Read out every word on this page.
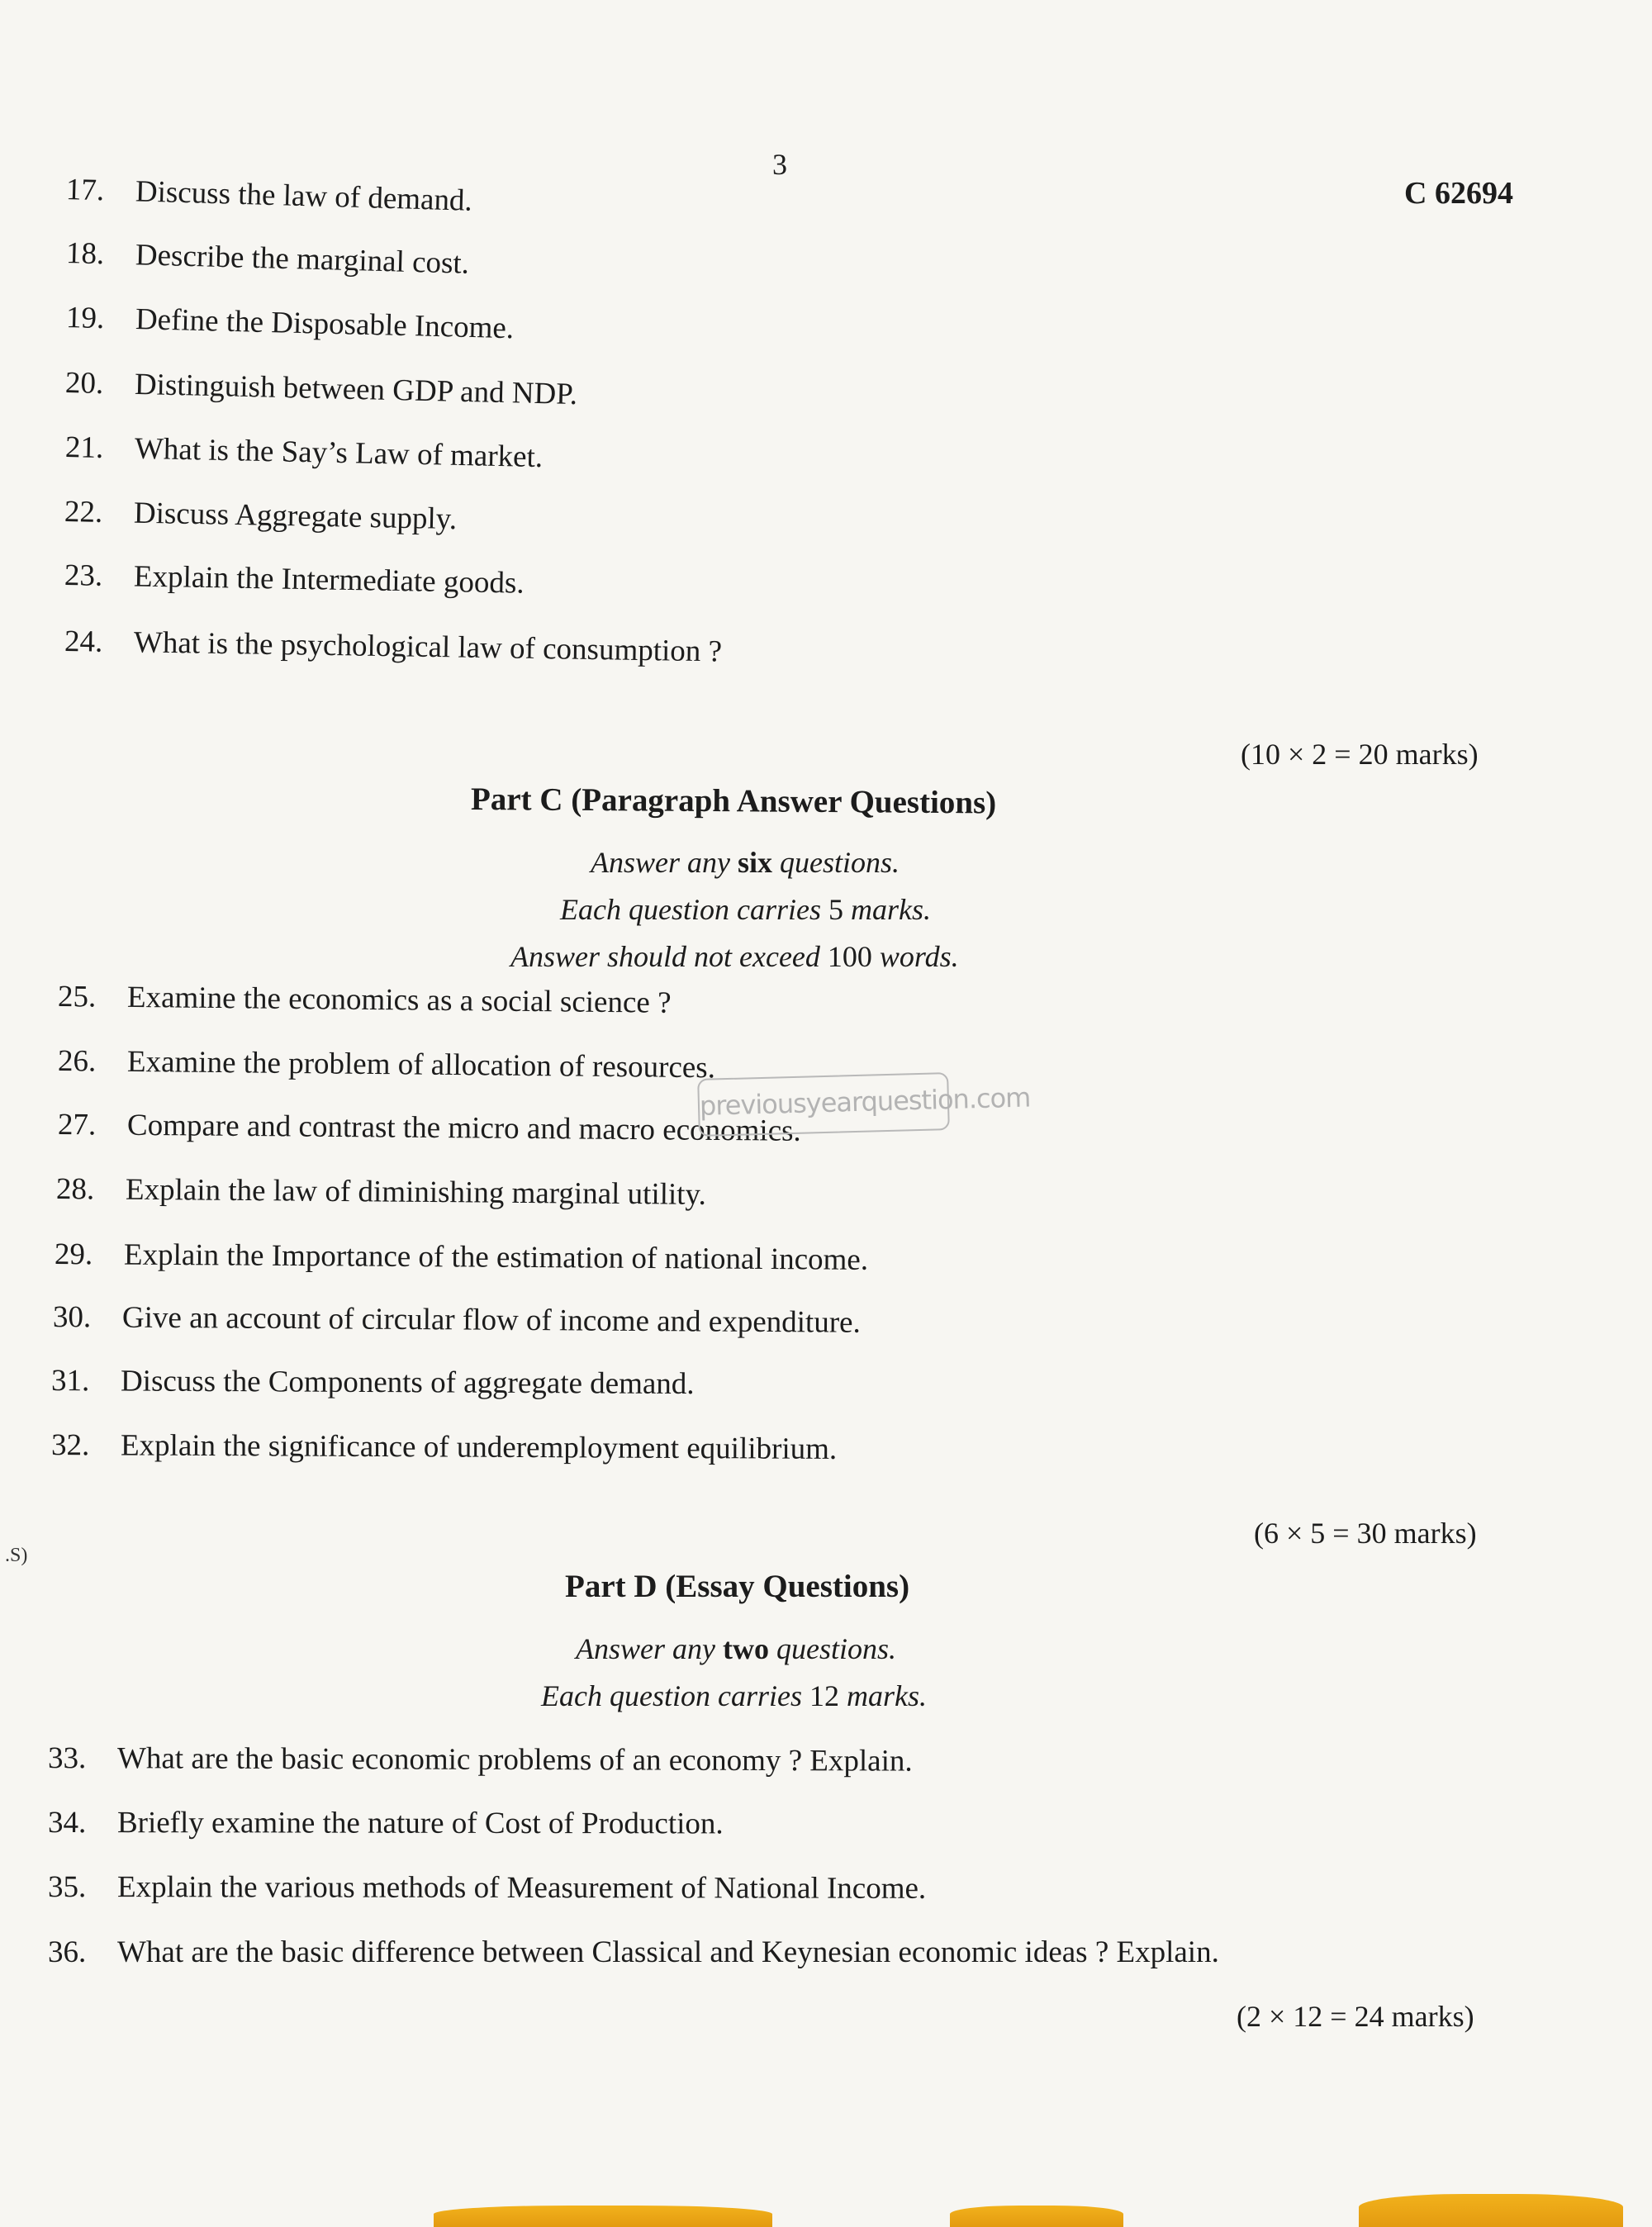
3
C 62694
17. Discuss the law of demand.
18. Describe the marginal cost.
19. Define the Disposable Income.
20. Distinguish between GDP and NDP.
21. What is the Say’s Law of market.
22. Discuss Aggregate supply.
23. Explain the Intermediate goods.
24. What is the psychological law of consumption ?
(10 × 2 = 20 marks)
Part C (Paragraph Answer Questions)
Answer any six questions.
Each question carries 5 marks.
Answer should not exceed 100 words.
25. Examine the economics as a social science ?
26. Examine the problem of allocation of resources.
27. Compare and contrast the micro and macro economics.
28. Explain the law of diminishing marginal utility.
29. Explain the Importance of the estimation of national income.
30. Give an account of circular flow of income and expenditure.
31. Discuss the Components of aggregate demand.
32. Explain the significance of underemployment equilibrium.
(6 × 5 = 30 marks)
Part D (Essay Questions)
Answer any two questions.
Each question carries 12 marks.
33. What are the basic economic problems of an economy ? Explain.
34. Briefly examine the nature of Cost of Production.
35. Explain the various methods of Measurement of National Income.
36. What are the basic difference between Classical and Keynesian economic ideas ? Explain.
(2 × 12 = 24 marks)
previousyearquestion.com
.S)
